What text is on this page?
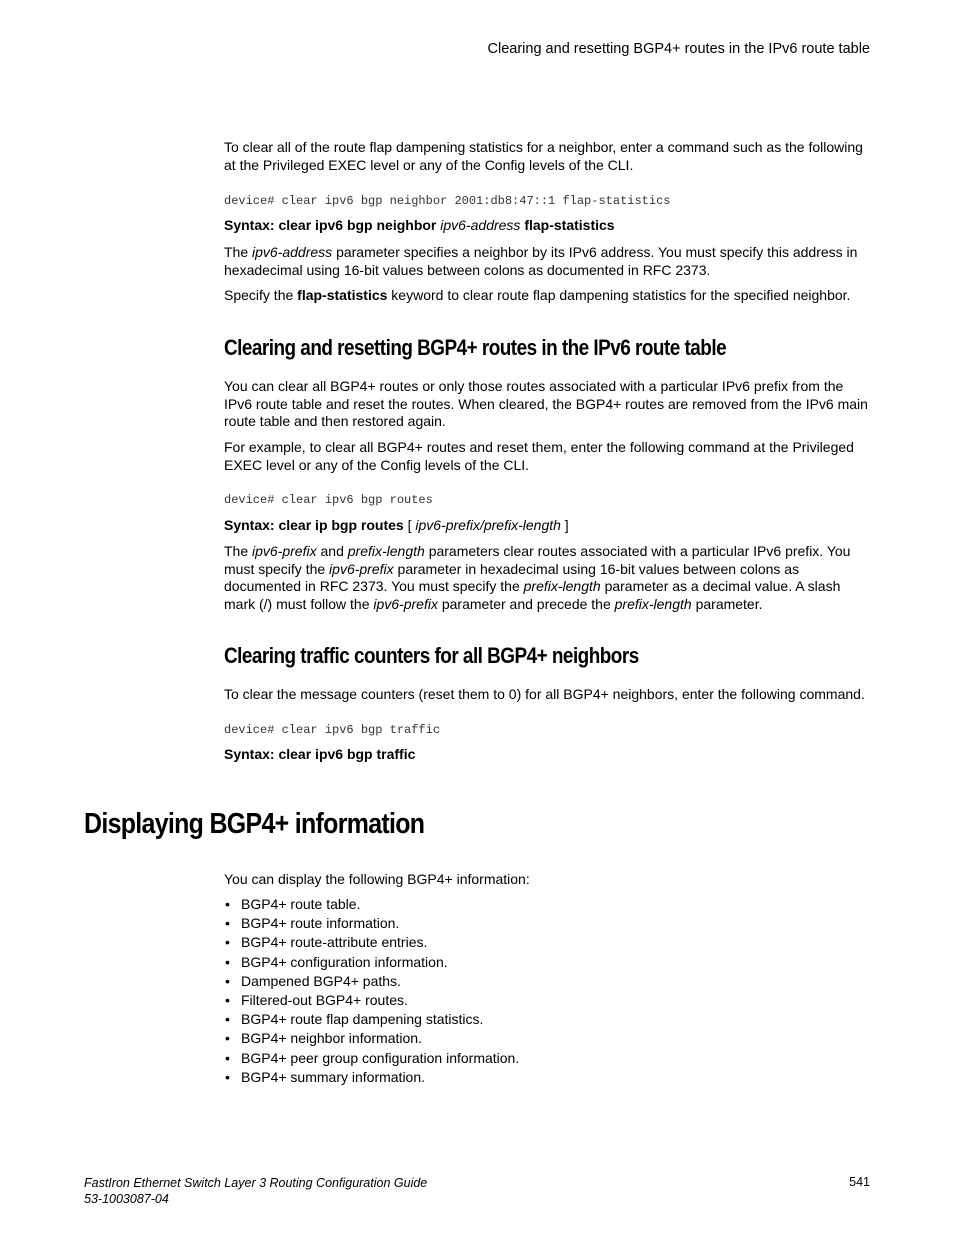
Clearing and resetting BGP4+ routes in the IPv6 route table
To clear all of the route flap dampening statistics for a neighbor, enter a command such as the following at the Privileged EXEC level or any of the Config levels of the CLI.
device# clear ipv6 bgp neighbor 2001:db8:47::1 flap-statistics
Syntax: clear ipv6 bgp neighbor ipv6-address flap-statistics
The ipv6-address parameter specifies a neighbor by its IPv6 address. You must specify this address in hexadecimal using 16-bit values between colons as documented in RFC 2373.
Specify the flap-statistics keyword to clear route flap dampening statistics for the specified neighbor.
Clearing and resetting BGP4+ routes in the IPv6 route table
You can clear all BGP4+ routes or only those routes associated with a particular IPv6 prefix from the IPv6 route table and reset the routes. When cleared, the BGP4+ routes are removed from the IPv6 main route table and then restored again.
For example, to clear all BGP4+ routes and reset them, enter the following command at the Privileged EXEC level or any of the Config levels of the CLI.
device# clear ipv6 bgp routes
Syntax: clear ip bgp routes [ ipv6-prefix/prefix-length ]
The ipv6-prefix and prefix-length parameters clear routes associated with a particular IPv6 prefix. You must specify the ipv6-prefix parameter in hexadecimal using 16-bit values between colons as documented in RFC 2373. You must specify the prefix-length parameter as a decimal value. A slash mark (/) must follow the ipv6-prefix parameter and precede the prefix-length parameter.
Clearing traffic counters for all BGP4+ neighbors
To clear the message counters (reset them to 0) for all BGP4+ neighbors, enter the following command.
device# clear ipv6 bgp traffic
Syntax: clear ipv6 bgp traffic
Displaying BGP4+ information
You can display the following BGP4+ information:
• BGP4+ route table.
• BGP4+ route information.
• BGP4+ route-attribute entries.
• BGP4+ configuration information.
• Dampened BGP4+ paths.
• Filtered-out BGP4+ routes.
• BGP4+ route flap dampening statistics.
• BGP4+ neighbor information.
• BGP4+ peer group configuration information.
• BGP4+ summary information.
FastIron Ethernet Switch Layer 3 Routing Configuration Guide
53-1003087-04
541
